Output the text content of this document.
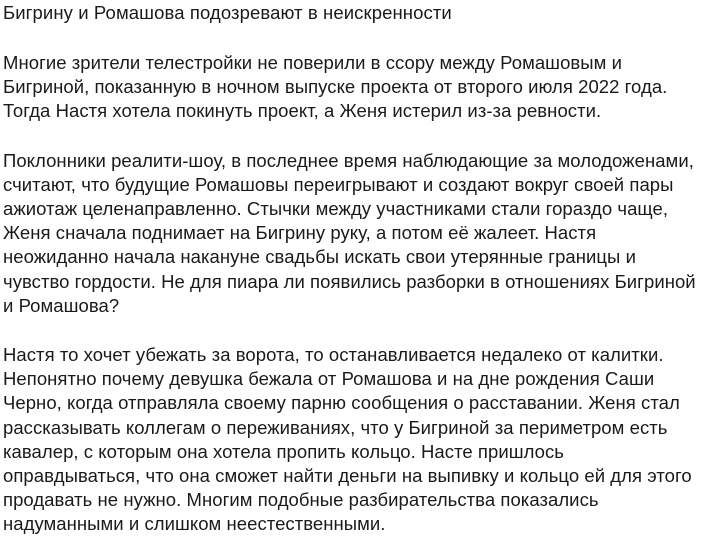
Бигрину и Ромашова подозревают в неискренности

Многие зрители телестройки не поверили в ссору между Ромашовым и Бигриной, показанную в ночном выпуске проекта от второго июля 2022 года. Тогда Настя хотела покинуть проект, а Женя истерил из-за ревности.

Поклонники реалити-шоу, в последнее время наблюдающие за молодоженами, считают, что будущие Ромашовы переигрывают и создают вокруг своей пары ажиотаж целенаправленно. Стычки между участниками стали гораздо чаще, Женя сначала поднимает на Бигрину руку, а потом её жалеет. Настя неожиданно начала накануне свадьбы искать свои утерянные границы и чувство гордости. Не для пиара ли появились разборки в отношениях Бигриной и Ромашова?

Настя то хочет убежать за ворота, то останавливается недалеко от калитки. Непонятно почему девушка бежала от Ромашова и на дне рождения Саши Черно, когда отправляла своему парню сообщения о расставании. Женя стал рассказывать коллегам о переживаниях, что у Бигриной за периметром есть кавалер, с которым она хотела пропить кольцо. Насте пришлось оправдываться, что она сможет найти деньги на выпивку и кольцо ей для этого продавать не нужно. Многим подобные разбирательства показались надуманными и слишком неестественными.
